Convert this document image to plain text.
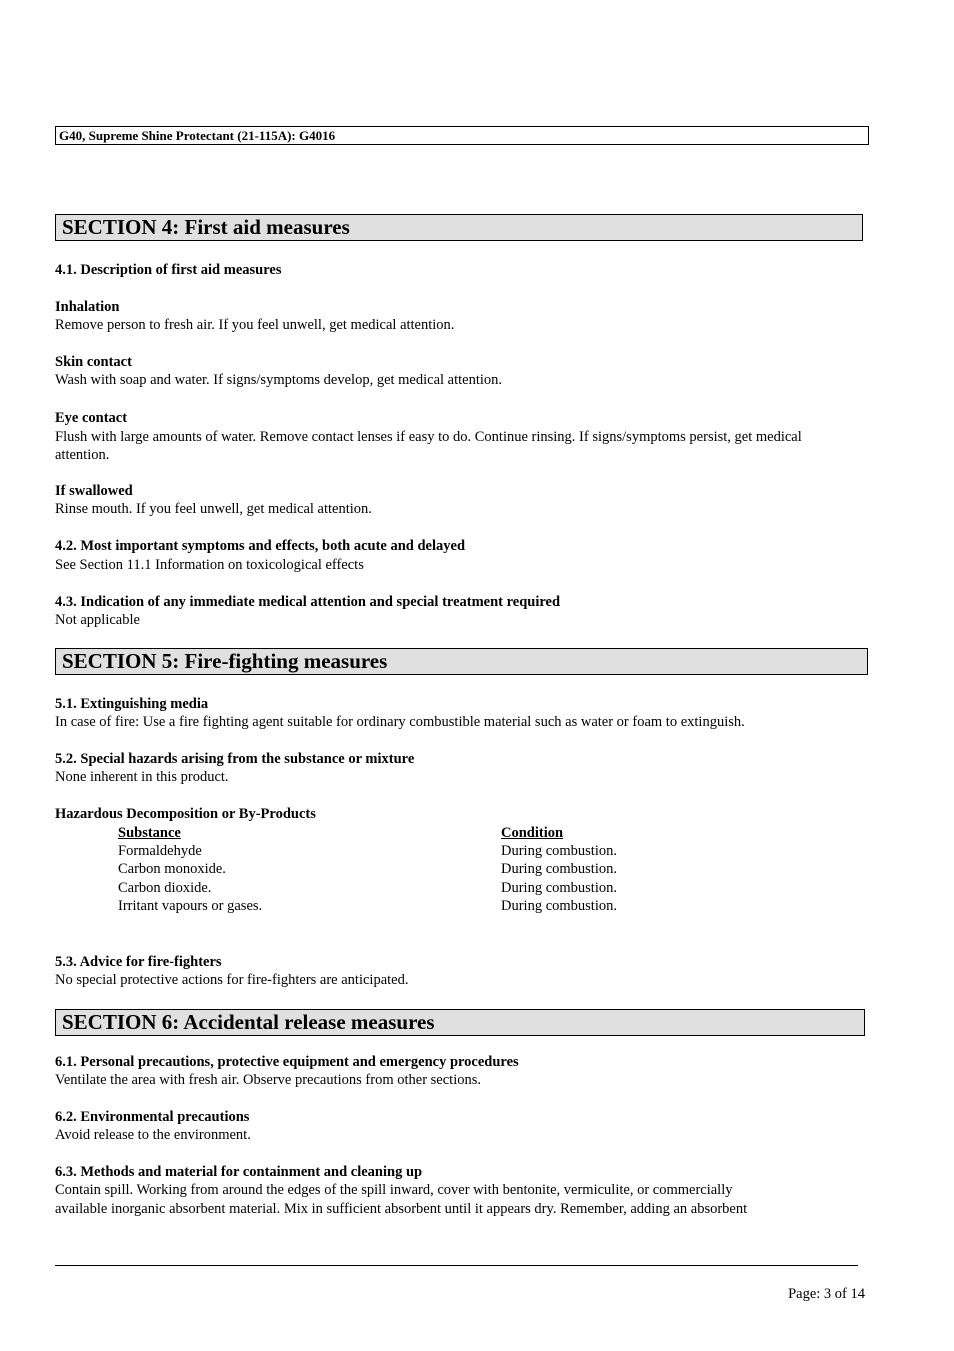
G40, Supreme Shine Protectant (21-115A): G4016
SECTION 4: First aid measures
4.1. Description of first aid measures
Inhalation
Remove person to fresh air. If you feel unwell, get medical attention.
Skin contact
Wash with soap and water. If signs/symptoms develop, get medical attention.
Eye contact
Flush with large amounts of water. Remove contact lenses if easy to do. Continue rinsing. If signs/symptoms persist, get medical attention.
If swallowed
Rinse mouth. If you feel unwell, get medical attention.
4.2. Most important symptoms and effects, both acute and delayed
See Section 11.1 Information on toxicological effects
4.3. Indication of any immediate medical attention and special treatment required
Not applicable
SECTION 5: Fire-fighting measures
5.1. Extinguishing media
In case of fire: Use a fire fighting agent suitable for ordinary combustible material such as water or foam to extinguish.
5.2. Special hazards arising from the substance or mixture
None inherent in this product.
Hazardous Decomposition or By-Products
Substance	Condition
Formaldehyde	During combustion.
Carbon monoxide.	During combustion.
Carbon dioxide.	During combustion.
Irritant vapours or gases.	During combustion.
5.3. Advice for fire-fighters
No special protective actions for fire-fighters are anticipated.
SECTION 6: Accidental release measures
6.1. Personal precautions, protective equipment and emergency procedures
Ventilate the area with fresh air. Observe precautions from other sections.
6.2. Environmental precautions
Avoid release to the environment.
6.3. Methods and material for containment and cleaning up
Contain spill. Working from around the edges of the spill inward, cover with bentonite, vermiculite, or commercially
available inorganic absorbent material. Mix in sufficient absorbent until it appears dry. Remember, adding an absorbent
Page: 3 of 14
